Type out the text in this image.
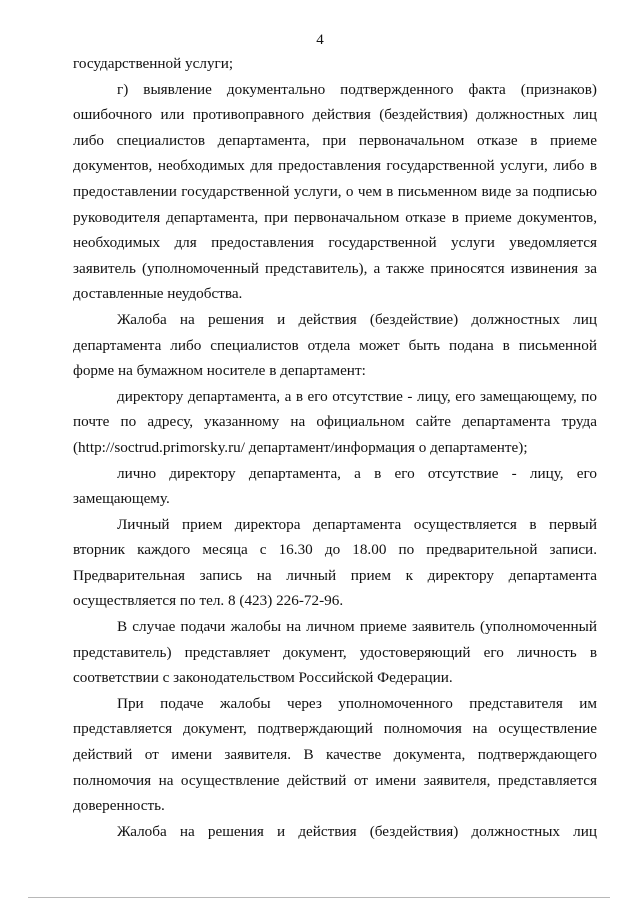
4

государственной услуги;

г) выявление документально подтвержденного факта (признаков) ошибочного или противоправного действия (бездействия) должностных лиц либо специалистов департамента, при первоначальном отказе в приеме документов, необходимых для предоставления государственной услуги, либо в предоставлении государственной услуги, о чем в письменном виде за подписью руководителя департамента, при первоначальном отказе в приеме документов, необходимых для предоставления государственной услуги уведомляется заявитель (уполномоченный представитель), а также приносятся извинения за доставленные неудобства.

Жалоба на решения и действия (бездействие) должностных лиц департамента либо специалистов отдела может быть подана в письменной форме на бумажном носителе в департамент:

директору департамента, а в его отсутствие - лицу, его замещающему, по почте по адресу, указанному на официальном сайте департамента труда (http://soctrud.primorsky.ru/ департамент/информация о департаменте);

лично директору департамента, а в его отсутствие - лицу, его замещающему.

Личный прием директора департамента осуществляется в первый вторник каждого месяца с 16.30 до 18.00 по предварительной записи. Предварительная запись на личный прием к директору департамента осуществляется по тел. 8 (423) 226-72-96.

В случае подачи жалобы на личном приеме заявитель (уполномоченный представитель) представляет документ, удостоверяющий его личность в соответствии с законодательством Российской Федерации.

При подаче жалобы через уполномоченного представителя им представляется документ, подтверждающий полномочия на осуществление действий от имени заявителя. В качестве документа, подтверждающего полномочия на осуществление действий от имени заявителя, представляется доверенность.

Жалоба на решения и действия (бездействия) должностных лиц
